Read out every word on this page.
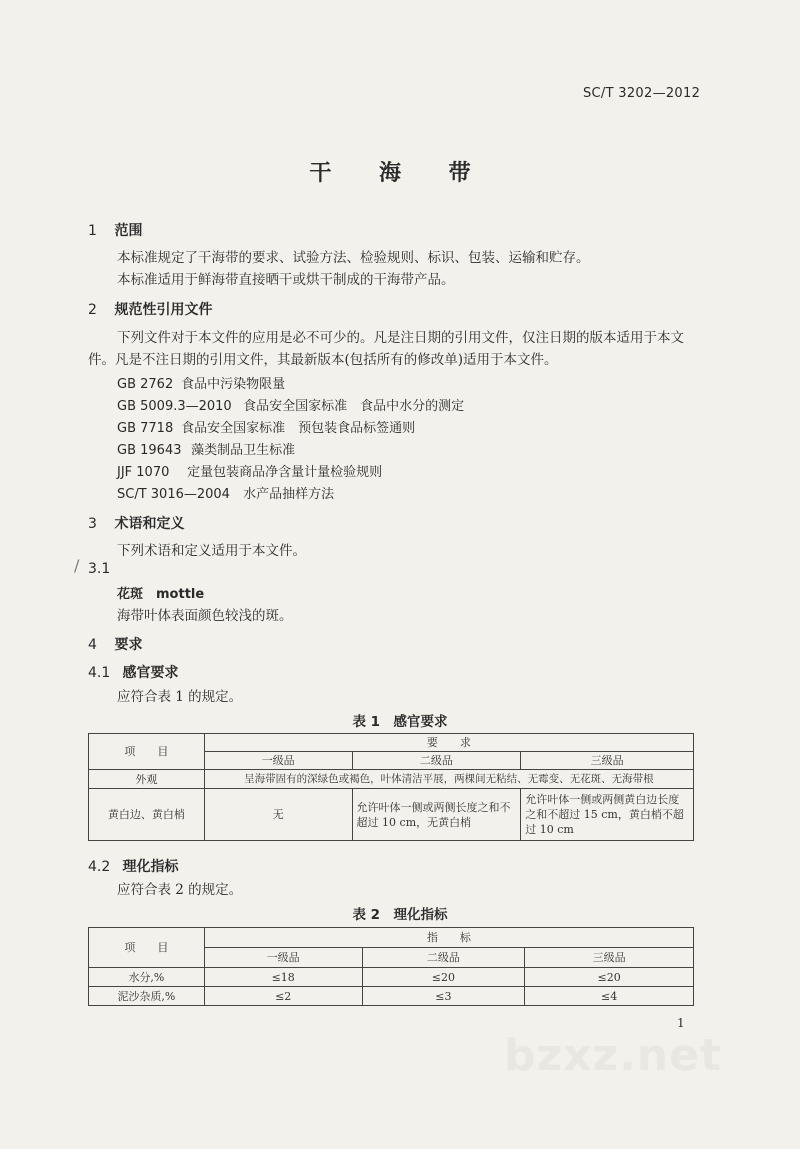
SC/T 3202—2012
干 海 带
1 范围
本标准规定了干海带的要求、试验方法、检验规则、标识、包装、运输和贮存。
本标准适用于鲜海带直接晒干或烘干制成的干海带产品。
2 规范性引用文件
下列文件对于本文件的应用是必不可少的。凡是注日期的引用文件，仅注日期的版本适用于本文
件。凡是不注日期的引用文件，其最新版本(包括所有的修改单)适用于本文件。
GB 2762 食品中污染物限量
GB 5009.3—2010 食品安全国家标准　食品中水分的测定
GB 7718 食品安全国家标准　预包装食品标签通则
GB 19643 藻类制品卫生标准
JJF 1070 定量包装商品净含量计量检验规则
SC/T 3016—2004 水产品抽样方法
3 术语和定义
下列术语和定义适用于本文件。
/ 3.1
花斑　mottle
海带叶体表面颜色较浅的斑。
4 要求
4.1 感官要求
应符合表 1 的规定。
表 1　感官要求
项　　目	要　　求		
	一级品	二级品	三级品
外观	呈海带固有的深绿色或褐色，叶体清洁平展，两棵间无粘结、无霉变、无花斑、无海带根		
黄白边、黄白梢	无	允许叶体一侧或两侧长度之和不超过 10 cm，无黄白梢	允许叶体一侧或两侧黄白边长度之和不超过 15 cm，黄白梢不超过 10 cm
4.2 理化指标
应符合表 2 的规定。
表 2　理化指标
项　　目	指　　标		
	一级品	二级品	三级品
水分,%	≤18	≤20	≤20
泥沙杂质,%	≤2	≤3	≤4
1
bzxz.net
